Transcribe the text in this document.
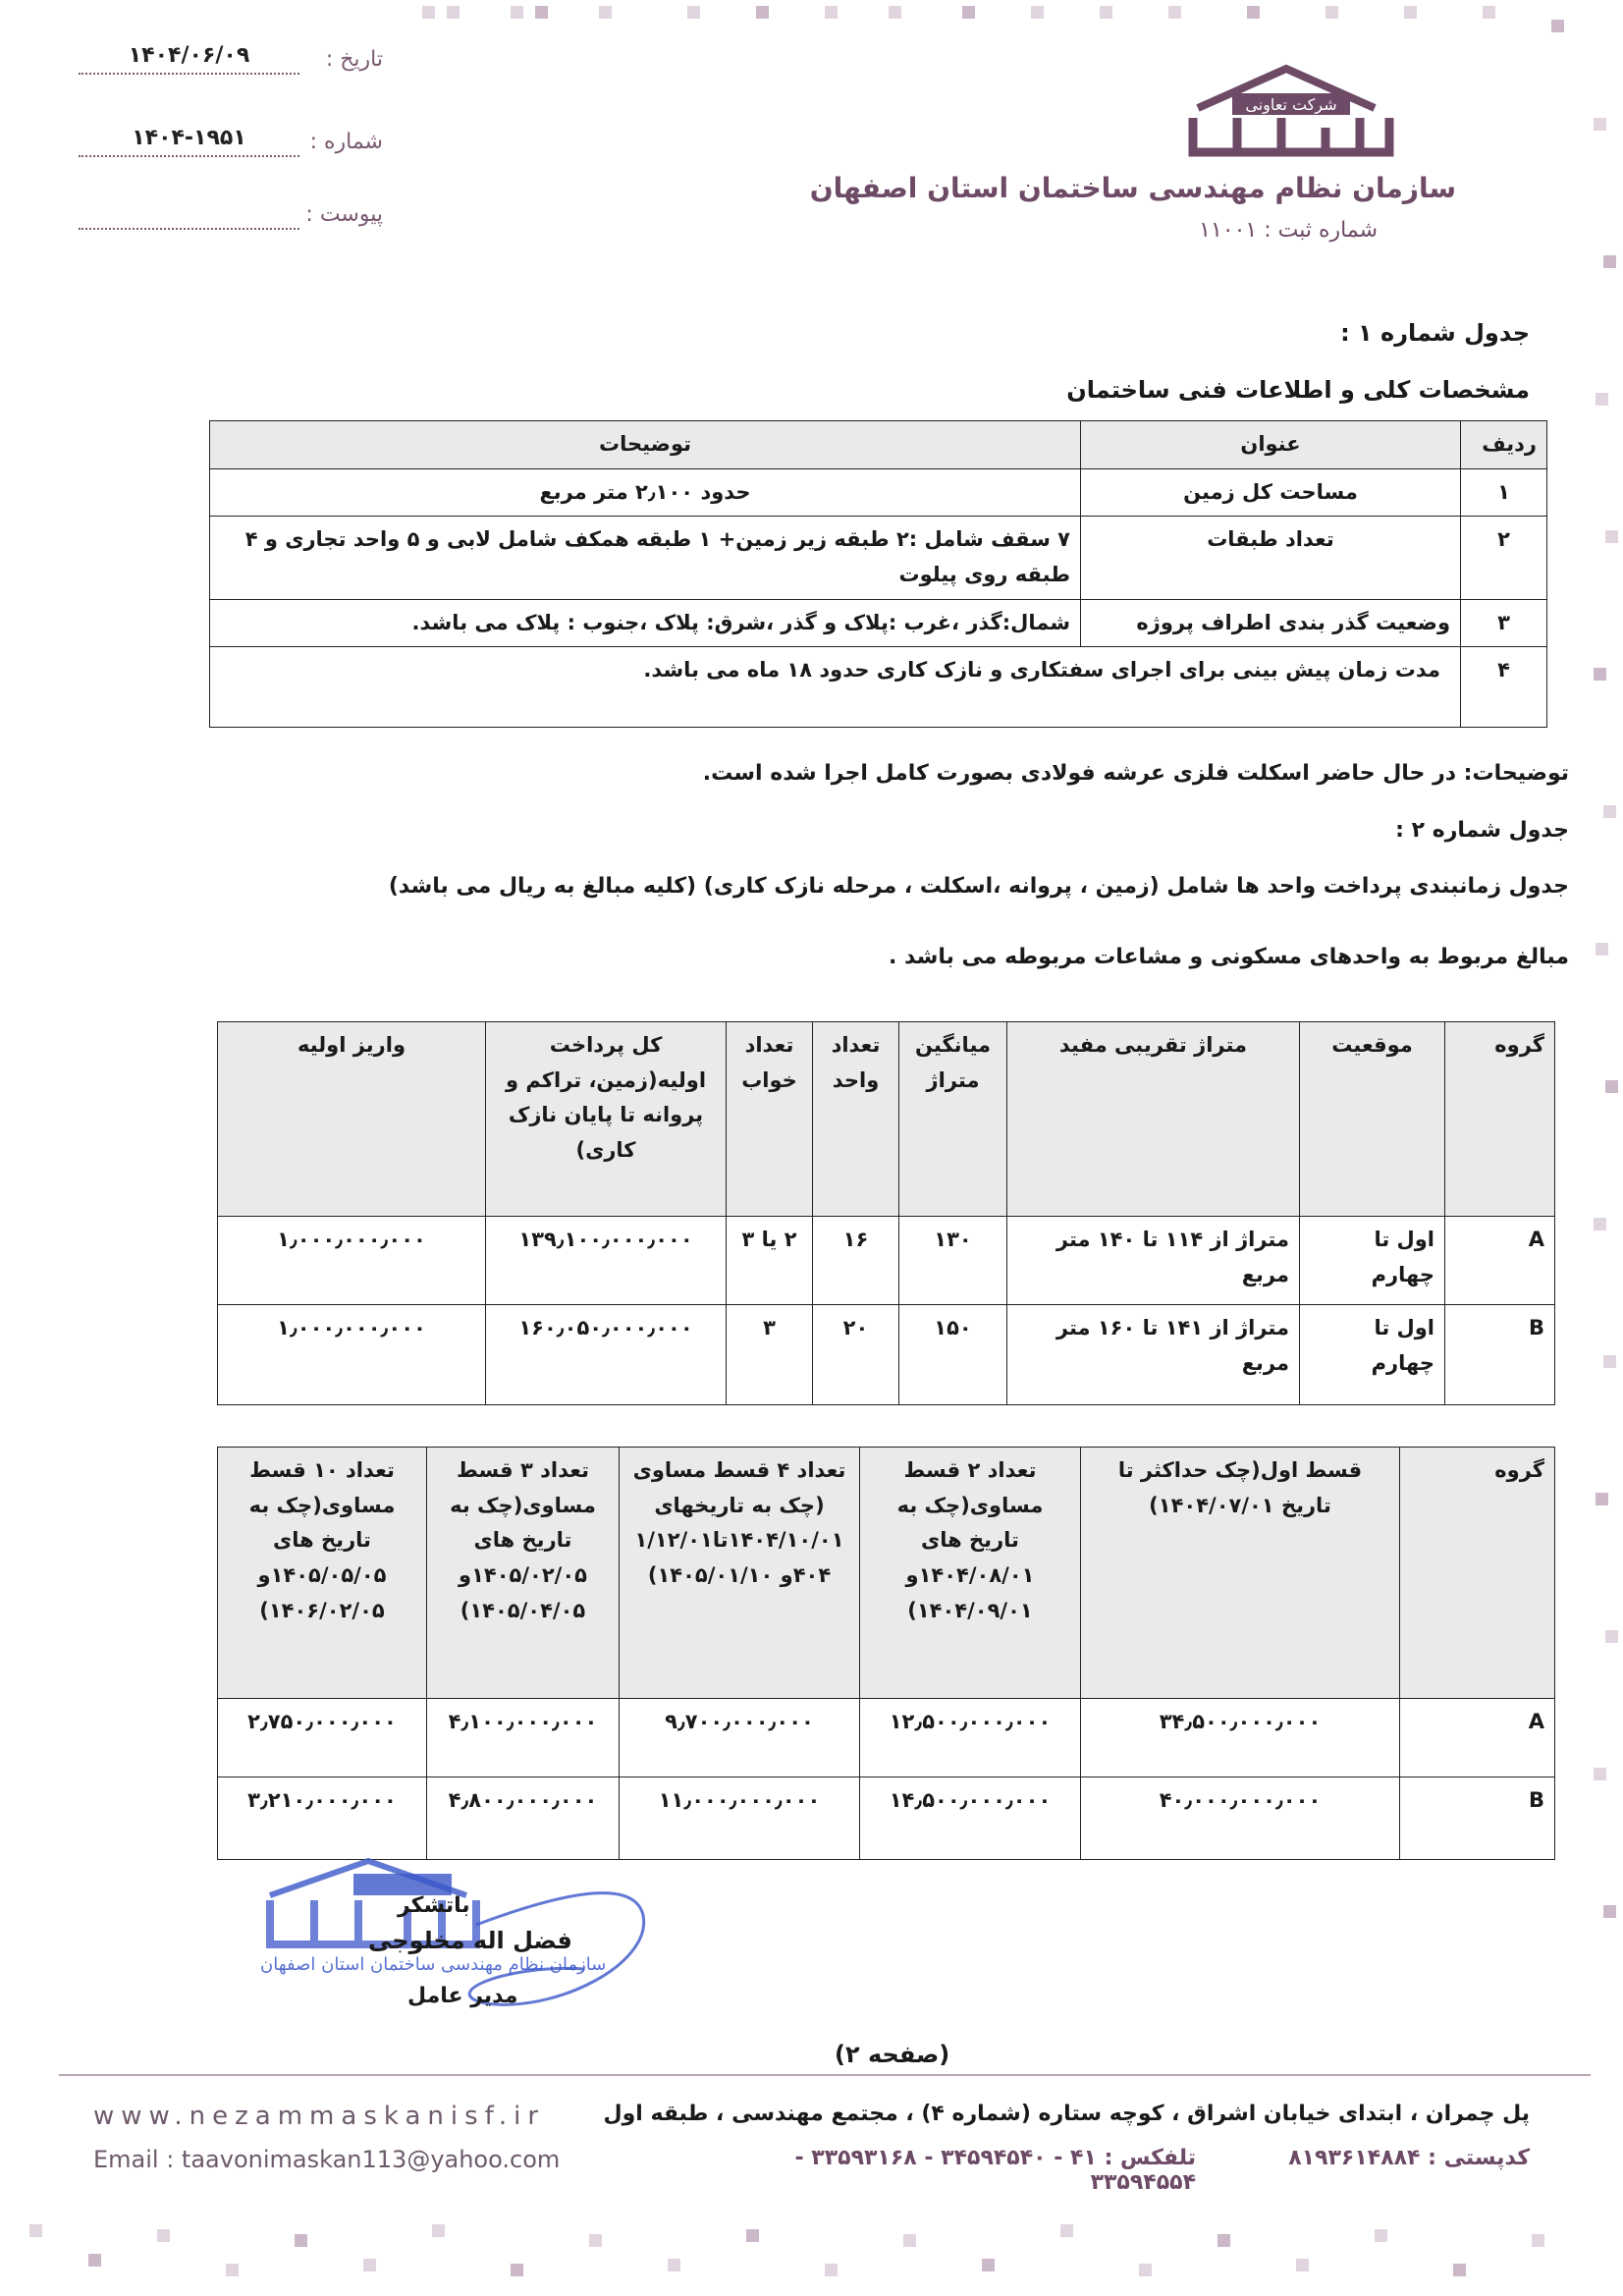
تاریخ :
۱۴۰۴/۰۶/۰۹
شماره :
۱۴۰۴-۱۹۵۱
پیوست :
شرکت تعاونی
سازمان نظام مهندسی ساختمان استان اصفهان
شماره ثبت : ۱۱۰۰۱
جدول شماره ۱ :
مشخصات کلی و اطلاعات فنی ساختمان
ردیف	عنوان	توضیحات
۱	مساحت کل زمین	حدود ۲٫۱۰۰ متر مربع
۲	تعداد طبقات	۷ سقف شامل :۲ طبقه زیر زمین+ ۱ طبقه همکف شامل لابی و ۵ واحد تجاری و ۴ طبقه روی پیلوت
۳	وضعیت گذر بندی اطراف پروژه	شمال:گذر ،غرب :پلاک و گذر ،شرق: پلاک ،جنوب : پلاک می باشد.
۴	مدت زمان پیش بینی برای اجرای سفتکاری و نازک کاری حدود ۱۸ ماه می باشد.	
توضیحات: در حال حاضر اسکلت فلزی عرشه فولادی بصورت کامل اجرا شده است.
جدول شماره ۲ :
جدول زمانبندی پرداخت واحد ها شامل (زمین ، پروانه ،اسکلت ، مرحله نازک کاری) (کلیه مبالغ به ریال می باشد)
مبالغ مربوط به واحدهای مسکونی و مشاعات مربوطه می باشد .
گروه	موقعیت	متراژ تقریبی مفید	میانگین متراژ	تعداد واحد	تعداد خواب	کل پرداخت اولیه(زمین، تراکم و پروانه تا پایان نازک کاری)	واریز اولیه
A	اول تا چهارم	متراژ از ۱۱۴ تا ۱۴۰ متر مربع	۱۳۰	۱۶	۲ یا ۳	۱۳۹٫۱۰۰٫۰۰۰٫۰۰۰	۱٫۰۰۰٫۰۰۰٫۰۰۰
B	اول تا چهارم	متراژ از ۱۴۱ تا ۱۶۰ متر مربع	۱۵۰	۲۰	۳	۱۶۰٫۰۵۰٫۰۰۰٫۰۰۰	۱٫۰۰۰٫۰۰۰٫۰۰۰
گروه	قسط اول(چک حداکثر تا تاریخ ۱۴۰۴/۰۷/۰۱)	تعداد ۲ قسط مساوی(چک به تاریخ های ۱۴۰۴/۰۸/۰۱و ۱۴۰۴/۰۹/۰۱)	تعداد ۴ قسط مساوی (چک به تاریخهای ۱۴۰۴/۱۰/۰۱تا۱/۱۲/۰۱ ۴۰۴و ۱۴۰۵/۰۱/۱۰)	تعداد ۳ قسط مساوی(چک به تاریخ های ۱۴۰۵/۰۲/۰۵و ۱۴۰۵/۰۴/۰۵)	تعداد ۱۰ قسط مساوی(چک به تاریخ های ۱۴۰۵/۰۵/۰۵و ۱۴۰۶/۰۲/۰۵)
A	۳۴٫۵۰۰٫۰۰۰٫۰۰۰	۱۲٫۵۰۰٫۰۰۰٫۰۰۰	۹٫۷۰۰٫۰۰۰٫۰۰۰	۴٫۱۰۰٫۰۰۰٫۰۰۰	۲٫۷۵۰٫۰۰۰٫۰۰۰
B	۴۰٫۰۰۰٫۰۰۰٫۰۰۰	۱۴٫۵۰۰٫۰۰۰٫۰۰۰	۱۱٫۰۰۰٫۰۰۰٫۰۰۰	۴٫۸۰۰٫۰۰۰٫۰۰۰	۳٫۲۱۰٫۰۰۰٫۰۰۰
باتشکر
فضل اله مخلوجی
سازمان نظام مهندسی ساختمان استان اصفهان
مدیر عامل
(صفحه ۲)
www.nezammaskanisf.ir
Email : taavonimaskan113@yahoo.com
پل چمران ، ابتدای خیابان اشراق ، کوچه ستاره (شماره ۴) ، مجتمع مهندسی ، طبقه اول
کدپستی : ۸۱۹۳۶۱۴۸۸۴
تلفکس : ۴۱ - ۳۴۵۹۴۵۴۰ - ۳۳۵۹۳۱۶۸ - ۳۳۵۹۴۵۵۴
